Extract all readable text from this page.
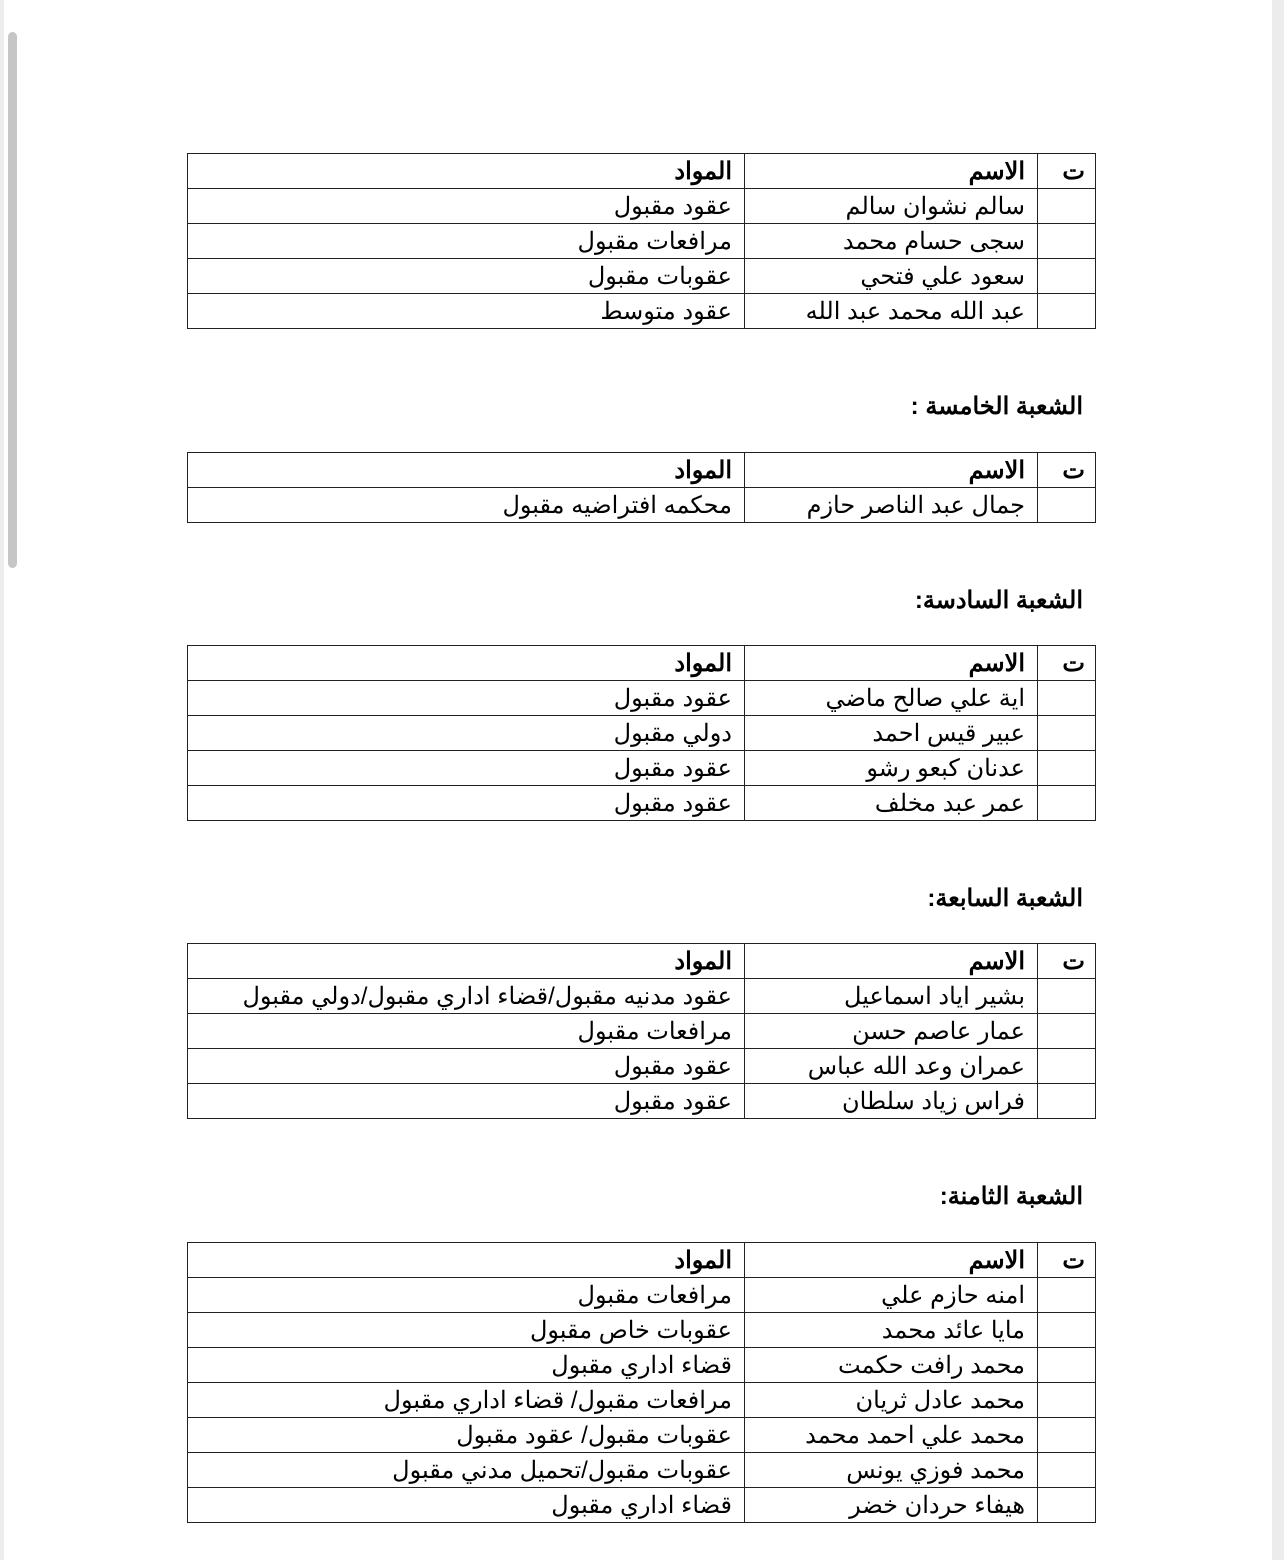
ت	الاسم	المواد
	سالم نشوان سالم	عقود مقبول
	سجى حسام محمد	مرافعات مقبول
	سعود علي فتحي	عقوبات مقبول
	عبد الله محمد عبد الله	عقود متوسط
الشعبة الخامسة :
ت	الاسم	المواد
	جمال عبد الناصر حازم	محكمه افتراضيه مقبول
الشعبة السادسة:
ت	الاسم	المواد
	اية علي صالح ماضي	عقود مقبول
	عبير قيس احمد	دولي مقبول
	عدنان كبعو رشو	عقود مقبول
	عمر عبد مخلف	عقود مقبول
الشعبة السابعة:
ت	الاسم	المواد
	بشير اياد اسماعيل	عقود مدنيه مقبول/قضاء اداري مقبول/دولي مقبول
	عمار عاصم حسن	مرافعات مقبول
	عمران وعد الله عباس	عقود مقبول
	فراس زياد سلطان	عقود مقبول
الشعبة الثامنة:
ت	الاسم	المواد
	امنه حازم علي	مرافعات مقبول
	مايا عائد محمد	عقوبات خاص مقبول
	محمد رافت حكمت	قضاء اداري مقبول
	محمد عادل ثريان	مرافعات مقبول/ قضاء اداري مقبول
	محمد علي احمد محمد	عقوبات مقبول/ عقود مقبول
	محمد فوزي يونس	عقوبات مقبول/تحميل مدني مقبول
	هيفاء حردان خضر	قضاء اداري مقبول
